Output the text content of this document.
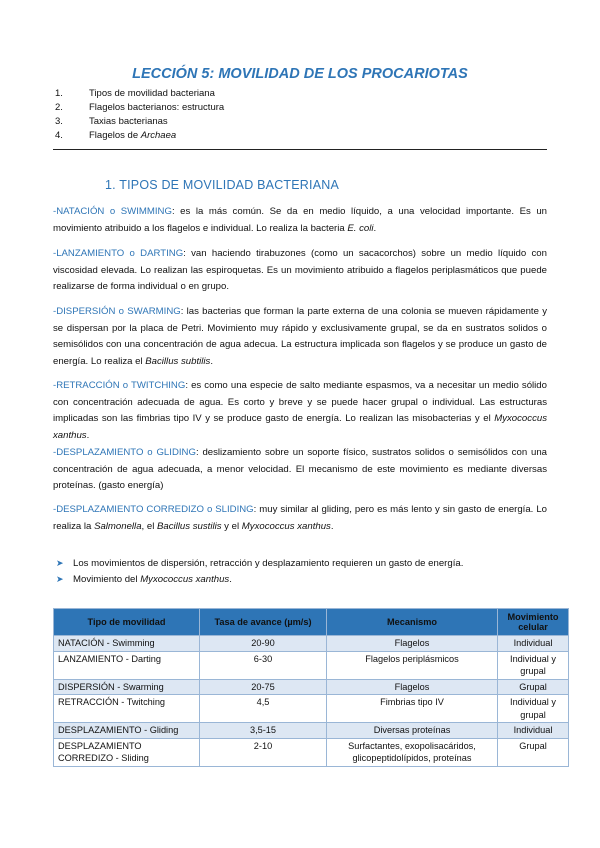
LECCIÓN 5: MOVILIDAD DE LOS PROCARIOTAS
1.	Tipos de movilidad bacteriana
2.	Flagelos bacterianos: estructura
3.	Taxias bacterianas
4.	Flagelos de Archaea
1. TIPOS DE MOVILIDAD BACTERIANA
-NATACIÓN o SWIMMING: es la más común. Se da en medio líquido, a una velocidad importante. Es un movimiento atribuido a los flagelos e individual. Lo realiza la bacteria E. coli.
-LANZAMIENTO o DARTING: van haciendo tirabuzones (como un sacacorchos) sobre un medio líquido con viscosidad elevada. Lo realizan las espiroquetas. Es un movimiento atribuido a flagelos periplasmáticos que puede realizarse de forma individual o en grupo.
-DISPERSIÓN o SWARMING: las bacterias que forman la parte externa de una colonia se mueven rápidamente y se dispersan por la placa de Petri. Movimiento muy rápido y exclusivamente grupal, se da en sustratos solidos o semisólidos con una concentración de agua adecua. La estructura implicada son flagelos y se produce un gasto de energía. Lo realiza el Bacillus subtilis.
-RETRACCIÓN o TWITCHING: es como una especie de salto mediante espasmos, va a necesitar un medio sólido con concentración adecuada de agua. Es corto y breve y se puede hacer grupal o individual. Las estructuras implicadas son las fimbrias tipo IV y se produce gasto de energía. Lo realizan las misobacterias y el Myxococcus xanthus.
-DESPLAZAMIENTO o GLIDING: deslizamiento sobre un soporte físico, sustratos solidos o semisólidos con una concentración de agua adecuada, a menor velocidad. El mecanismo de este movimiento es mediante diversas proteínas. (gasto energía)
-DESPLAZAMIENTO CORREDIZO o SLIDING: muy similar al gliding, pero es más lento y sin gasto de energía. Lo realiza la Salmonella, el Bacillus sustilis y el Myxococcus xanthus.
➤ Los movimientos de dispersión, retracción y desplazamiento requieren un gasto de energía.
➤ Movimiento del Myxococcus xanthus.
Tipo de movilidad	Tasa de avance (µm/s)	Mecanismo	Movimiento celular
NATACIÓN - Swimming	20-90	Flagelos	Individual
LANZAMIENTO - Darting	6-30	Flagelos periplásmicos	Individual y grupal
DISPERSIÓN - Swarming	20-75	Flagelos	Grupal
RETRACCIÓN - Twitching	4,5	Fimbrias tipo IV	Individual y grupal
DESPLAZAMIENTO - Gliding	3,5-15	Diversas proteínas	Individual
DESPLAZAMIENTO CORREDIZO - Sliding	2-10	Surfactantes, exopolisacáridos, glicopeptidolípidos, proteínas	Grupal
